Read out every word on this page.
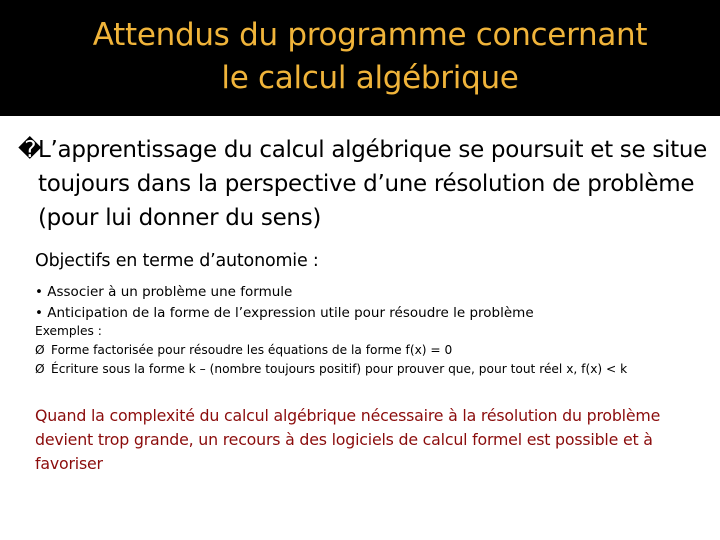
Attendus du programme concernant
le calcul algébrique
�
L’apprentissage du calcul algébrique se poursuit et se situe toujours dans la perspective d’une résolution de problème (pour lui donner du sens)
Objectifs en terme d’autonomie :
• Associer à un problème une formule
• Anticipation de la forme de l’expression utile pour résoudre le problème
Exemples :
Ø Forme factorisée pour résoudre les équations de la forme f(x) = 0
Ø Écriture sous la forme k – (nombre toujours positif) pour prouver que, pour tout réel x, f(x) < k
Quand la complexité du calcul algébrique nécessaire à la résolution du problème devient trop grande, un recours à des logiciels de calcul formel est possible et à favoriser
